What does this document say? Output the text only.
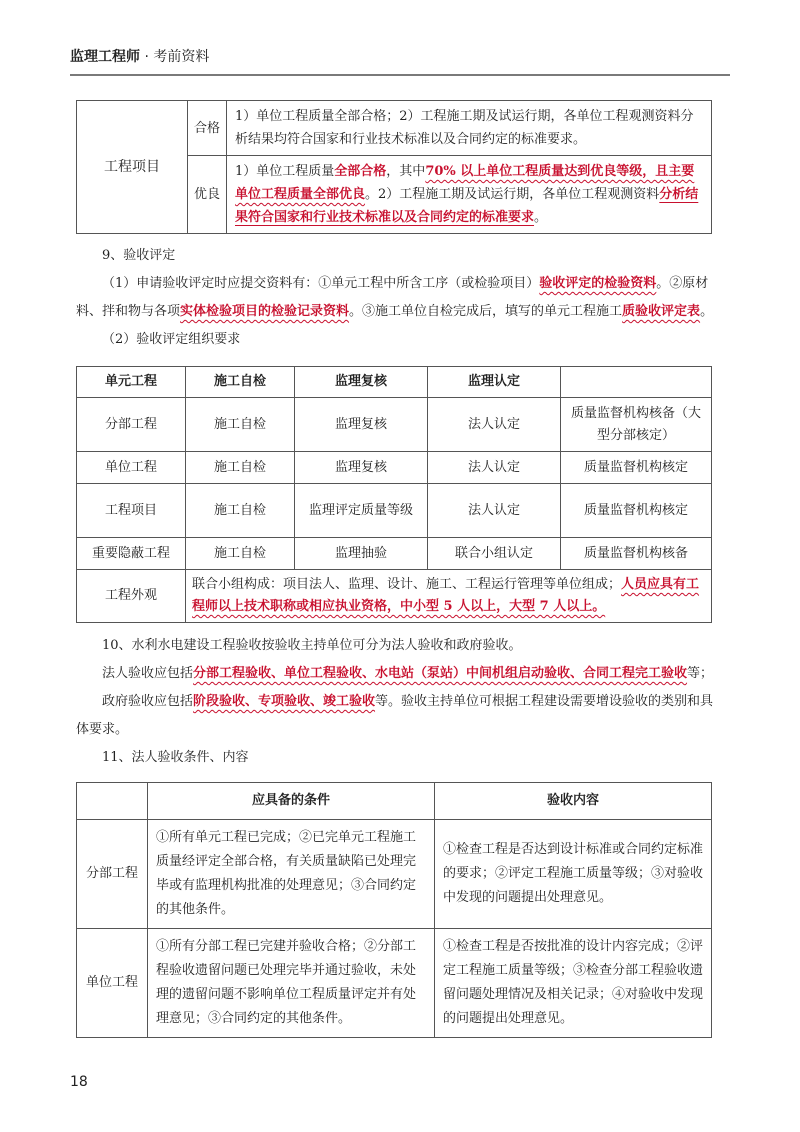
监理工程师 · 考前资料
工程项目	合格	1）单位工程质量全部合格；2）工程施工期及试运行期，各单位工程观测资料分析结果均符合国家和行业技术标准以及合同约定的标准要求。
	优良	1）单位工程质量全部合格，其中70% 以上单位工程质量达到优良等级，且主要单位工程质量全部优良。2）工程施工期及试运行期，各单位工程观测资料分析结果符合国家和行业技术标准以及合同约定的标准要求。
9、验收评定
（1）申请验收评定时应提交资料有：①单元工程中所含工序（或检验项目）验收评定的检验资料。②原材料、拌和物与各项实体检验项目的检验记录资料。③施工单位自检完成后，填写的单元工程施工质验收评定表。
（2）验收评定组织要求
单元工程	施工自检	监理复核	监理认定	
分部工程	施工自检	监理复核	法人认定	质量监督机构核备（大型分部核定）
单位工程	施工自检	监理复核	法人认定	质量监督机构核定
工程项目	施工自检	监理评定质量等级	法人认定	质量监督机构核定
重要隐蔽工程	施工自检	监理抽验	联合小组认定	质量监督机构核备
工程外观	联合小组构成：项目法人、监理、设计、施工、工程运行管理等单位组成；人员应具有工程师以上技术职称或相应执业资格，中小型 5 人以上，大型 7 人以上。			
10、水利水电建设工程验收按验收主持单位可分为法人验收和政府验收。
法人验收应包括分部工程验收、单位工程验收、水电站（泵站）中间机组启动验收、合同工程完工验收等；
政府验收应包括阶段验收、专项验收、竣工验收等。验收主持单位可根据工程建设需要增设验收的类别和具体要求。
11、法人验收条件、内容
	应具备的条件	验收内容
分部工程	①所有单元工程已完成；②已完单元工程施工质量经评定全部合格，有关质量缺陷已处理完毕或有监理机构批准的处理意见；③合同约定的其他条件。	①检查工程是否达到设计标准或合同约定标准的要求；②评定工程施工质量等级；③对验收中发现的问题提出处理意见。
单位工程	①所有分部工程已完建并验收合格；②分部工程验收遗留问题已处理完毕并通过验收，未处理的遗留问题不影响单位工程质量评定并有处理意见；③合同约定的其他条件。	①检查工程是否按批准的设计内容完成；②评定工程施工质量等级；③检查分部工程验收遗留问题处理情况及相关记录；④对验收中发现的问题提出处理意见。
18
